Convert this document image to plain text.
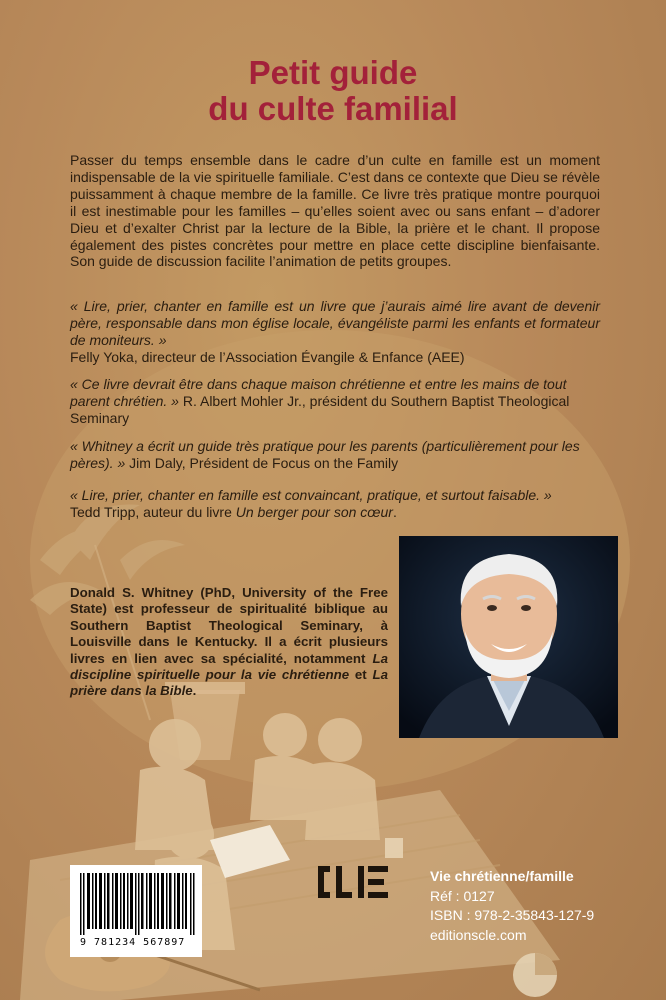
Petit guide
du culte familial

Passer du temps ensemble dans le cadre d’un culte en famille est un moment indispensable de la vie spirituelle familiale. C’est dans ce contexte que Dieu se révèle puissamment à chaque membre de la famille. Ce livre très pratique montre pourquoi il est inestimable pour les familles – qu’elles soient avec ou sans enfant – d’adorer Dieu et d’exalter Christ par la lecture de la Bible, la prière et le chant. Il propose également des pistes concrètes pour mettre en place cette discipline bienfaisante. Son guide de discussion facilite l’animation de petits groupes.

« Lire, prier, chanter en famille est un livre que j’aurais aimé lire avant de devenir père, responsable dans mon église locale, évangéliste parmi les enfants et formateur de moniteurs. »
Felly Yoka, directeur de l’Association Évangile & Enfance (AEE)

« Ce livre devrait être dans chaque maison chrétienne et entre les mains de tout parent chrétien. » R. Albert Mohler Jr., président du Southern Baptist Theological Seminary

« Whitney a écrit un guide très pratique pour les parents (particulièrement pour les pères). » Jim Daly, Président de Focus on the Family

« Lire, prier, chanter en famille est convaincant, pratique, et surtout faisable. »
Tedd Tripp, auteur du livre Un berger pour son cœur.

Donald S. Whitney (PhD, University of the Free State) est professeur de spiritualité biblique au Southern Baptist Theological Seminary, à Louisville dans le Kentucky. Il a écrit plusieurs livres en lien avec sa spécialité, notamment La discipline spirituelle pour la vie chrétienne et La prière dans la Bible.

9 781234 567897
Vie chrétienne/famille
Réf : 0127
ISBN : 978-2-35843-127-9
editionscle.com
